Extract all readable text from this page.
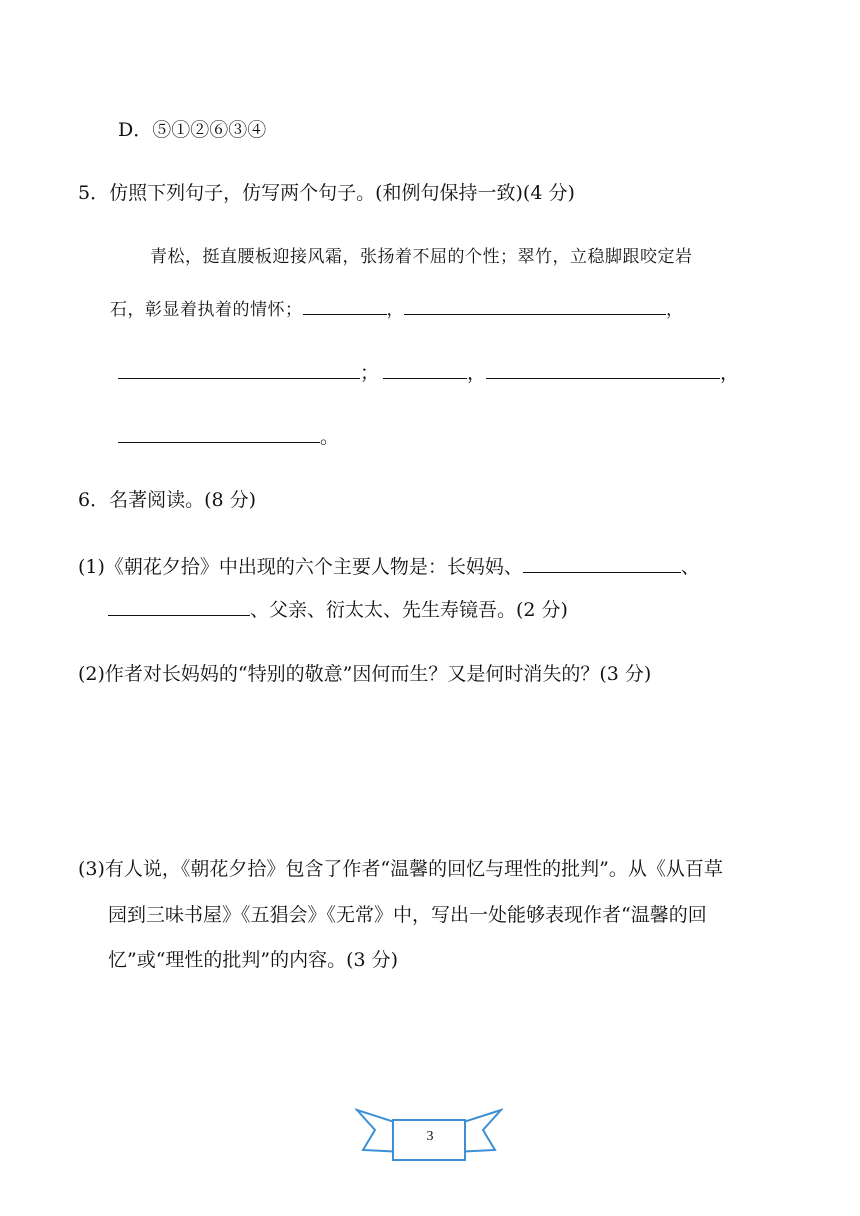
D．⑤①②⑥③④
5．仿照下列句子，仿写两个句子。(和例句保持一致)(4 分)
青松，挺直腰板迎接风霜，张扬着不屈的个性；翠竹，立稳脚跟咬定岩
石，彰显着执着的情怀；	，	，
；	，	，
。
6．名著阅读。(8 分)
(1)《朝花夕拾》中出现的六个主要人物是：长妈妈、	、
、父亲、衍太太、先生寿镜吾。(2 分)
(2)作者对长妈妈的“特别的敬意”因何而生？又是何时消失的？(3 分)
(3)有人说，《朝花夕拾》包含了作者“温馨的回忆与理性的批判”。从《从百草
园到三味书屋》《五猖会》《无常》中，写出一处能够表现作者“温馨的回
忆”或“理性的批判”的内容。(3 分)
3
